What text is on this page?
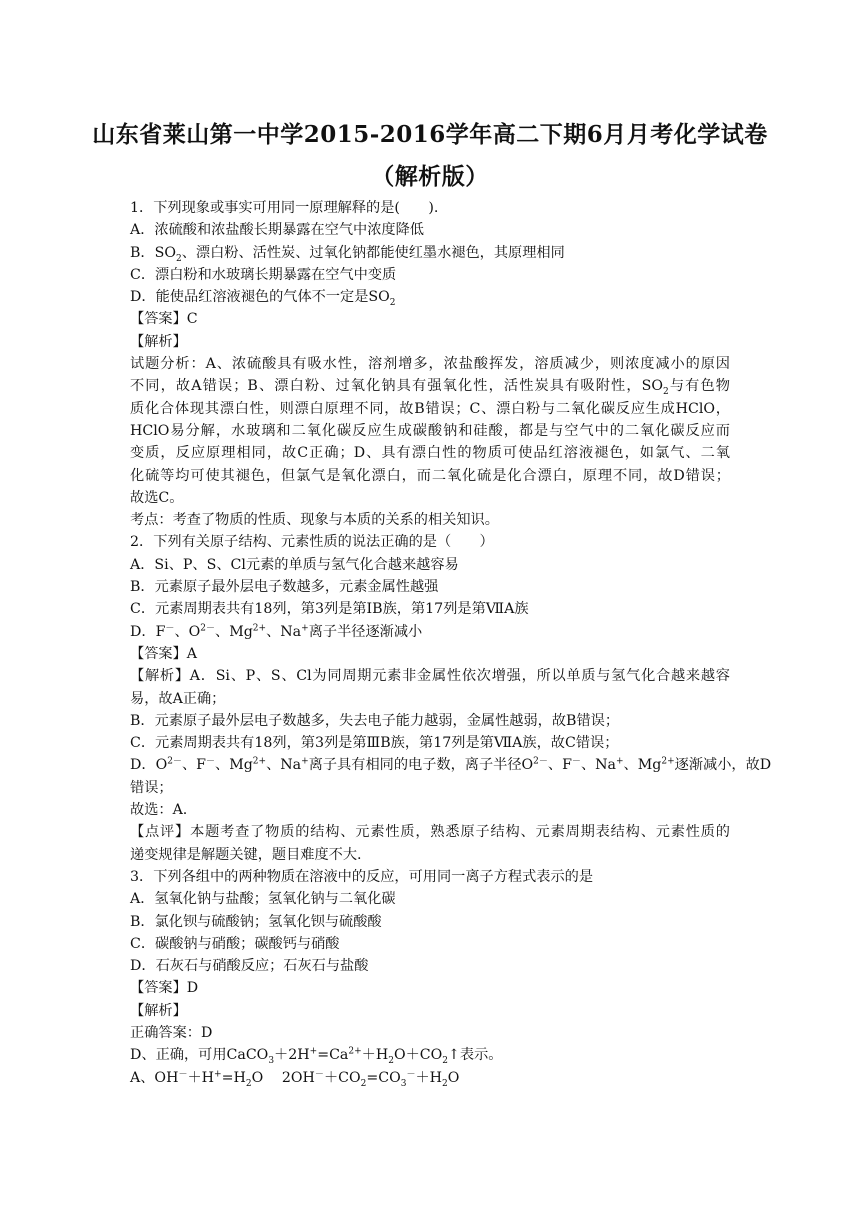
山东省莱山第一中学2015-2016学年高二下期6月月考化学试卷
（解析版）
1．下列现象或事实可用同一原理解释的是(　　).
A．浓硫酸和浓盐酸长期暴露在空气中浓度降低
B．$SO_2$、漂白粉、活性炭、过氧化钠都能使红墨水褪色，其原理相同
C．漂白粉和水玻璃长期暴露在空气中变质
D．能使品红溶液褪色的气体不一定是$SO_2$
【答案】C
【解析】
试题分析：A、浓硫酸具有吸水性，溶剂增多，浓盐酸挥发，溶质减少，则浓度减小的原因
不同，故A错误；B、漂白粉、过氧化钠具有强氧化性，活性炭具有吸附性，$SO_2$与有色物
质化合体现其漂白性，则漂白原理不同，故B错误；C、漂白粉与二氧化碳反应生成HClO，
HClO易分解，水玻璃和二氧化碳反应生成碳酸钠和硅酸，都是与空气中的二氧化碳反应而
变质，反应原理相同，故C正确；D、具有漂白性的物质可使品红溶液褪色，如氯气、二氧
化硫等均可使其褪色，但氯气是氧化漂白，而二氧化硫是化合漂白，原理不同，故D错误；
故选C。
考点：考查了物质的性质、现象与本质的关系的相关知识。
2．下列有关原子结构、元素性质的说法正确的是（　　）
A．Si、P、S、Cl元素的单质与氢气化合越来越容易
B．元素原子最外层电子数越多，元素金属性越强
C．元素周期表共有18列，第3列是第ⅠB族，第17列是第ⅦA族
D．F－、$O^{2-}$、$Mg^{2+}$、Na+离子半径逐渐减小
【答案】A
【解析】A．Si、P、S、Cl为同周期元素非金属性依次增强，所以单质与氢气化合越来越容
易，故A正确；
B．元素原子最外层电子数越多，失去电子能力越弱，金属性越弱，故B错误；
C．元素周期表共有18列，第3列是第ⅢB族，第17列是第ⅦA族，故C错误；
D．$O^{2-}$、F－、$Mg^{2+}$、Na+离子具有相同的电子数，离子半径$O^{2-}$、F－、Na+、$Mg^{2+}$逐渐减小，故D
错误；
故选：A.
【点评】本题考查了物质的结构、元素性质，熟悉原子结构、元素周期表结构、元素性质的
递变规律是解题关键，题目难度不大.
3．下列各组中的两种物质在溶液中的反应，可用同一离子方程式表示的是
A．氢氧化钠与盐酸；氢氧化钠与二氧化碳
B．氯化钡与硫酸钠；氢氧化钡与硫酸酸
C．碳酸钠与硝酸；碳酸钙与硝酸
D．石灰石与硝酸反应；石灰石与盐酸
【答案】D
【解析】
正确答案：D
D、正确，可用$CaCO_3+2H^+=Ca^{2+}+H_2O+CO_2↑$表示。
A、$OH^-+H^+=H_2O$　 $2OH^-+CO_2=CO_3^-+H_2O$
